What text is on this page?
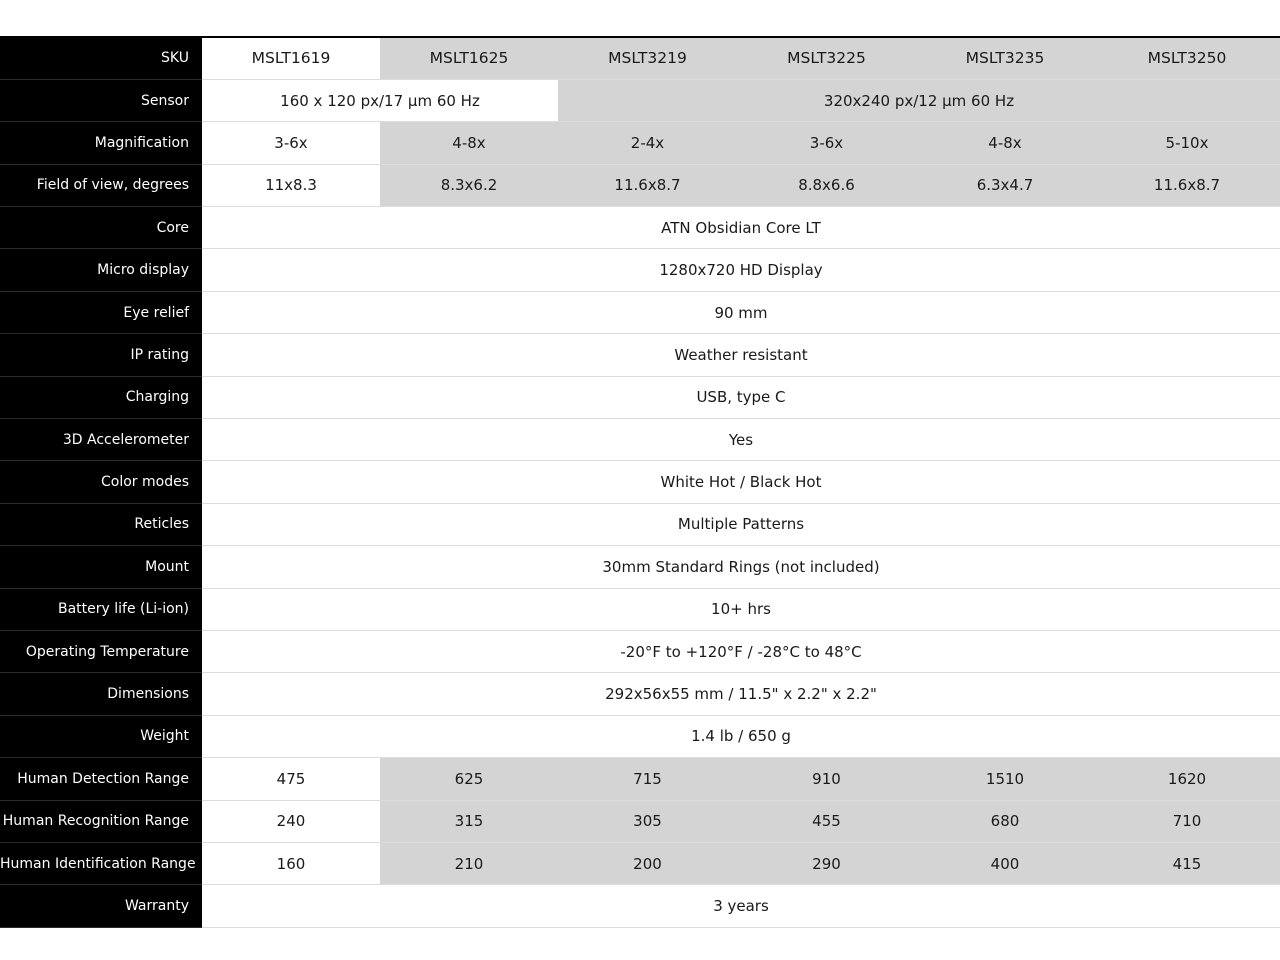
SKU	MSLT1619	MSLT1625	MSLT3219	MSLT3225	MSLT3235	MSLT3250
Sensor	160 x 120 px/17 µm 60 Hz		320x240 px/12 µm 60 Hz			
Magnification	3-6x	4-8x	2-4x	3-6x	4-8x	5-10x
Field of view, degrees	11x8.3	8.3x6.2	11.6x8.7	8.8x6.6	6.3x4.7	11.6x8.7
Core	ATN Obsidian Core LT					
Micro display	1280x720 HD Display					
Eye relief	90 mm					
IP rating	Weather resistant					
Charging	USB, type C					
3D Accelerometer	Yes					
Color modes	White Hot / Black Hot					
Reticles	Multiple Patterns					
Mount	30mm Standard Rings (not included)					
Battery life (Li-ion)	10+ hrs					
Operating Temperature	-20°F to +120°F / -28°C to 48°C					
Dimensions	292x56x55 mm / 11.5" x 2.2" x 2.2"					
Weight	1.4 lb / 650 g					
Human Detection Range	475	625	715	910	1510	1620
Human Recognition Range	240	315	305	455	680	710
Human Identification Range	160	210	200	290	400	415
Warranty	3 years					
